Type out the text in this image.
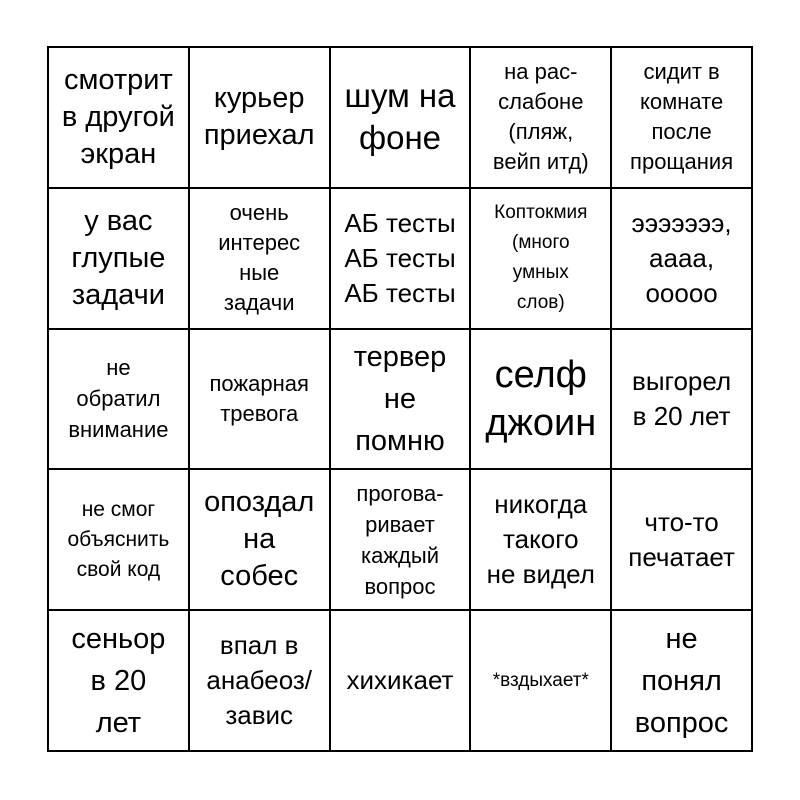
смотрит
в другой
экран
курьер
приехал
шум на
фоне
на рас-
слабоне
(пляж,
вейп итд)
сидит в
комнате
после
прощания
у вас
глупые
задачи
очень
интерес
ные
задачи
АБ тесты
АБ тесты
АБ тесты
Коптокмия
(много
умных
слов)
эээээээ,
аааа,
ооооо
не
обратил
внимание
пожарная
тревога
тервер
не
помню
селф
джоин
выгорел
в 20 лет
не смог
объяснить
свой код
опоздал
на
собес
прогова-
ривает
каждый
вопрос
никогда
такого
не видел
что-то
печатает
сеньор
в 20
лет
впал в
анабеоз/
завис
хихикает *вздыхает*
не
понял
вопрос
